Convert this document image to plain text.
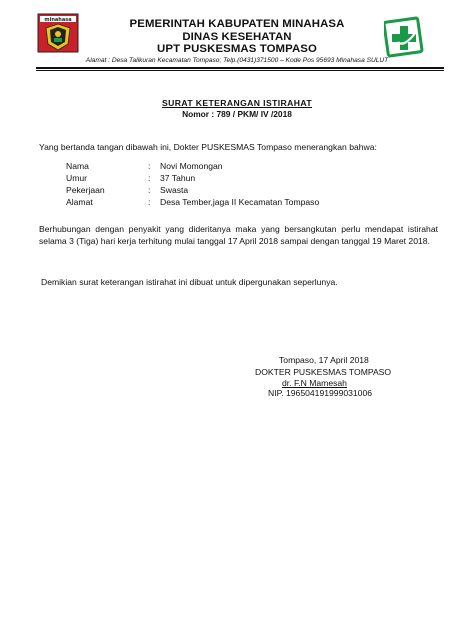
minahasa	PEMERINTAH KABUPATEN MINAHASA
DINAS KESEHATAN
UPT PUSKESMAS TOMPASO
Alamat : Desa Talikuran Kecamatan Tompaso; Telp.(0431)371500 – Kode Pos 95693 Minahasa SULUT
SURAT KETERANGAN ISTIRAHAT
Nomor : 789 / PKM/ IV /2018
Yang bertanda tangan dibawah ini, Dokter PUSKESMAS Tompaso menerangkan bahwa:
Nama	: Novi Momongan
Umur	: 37 Tahun
Pekerjaan	: Swasta
Alamat	: Desa Tember,jaga II Kecamatan Tompaso
Berhubungan dengan penyakit yang dideritanya maka yang bersangkutan perlu mendapat istirahat selama 3 (Tiga) hari kerja terhitung mulai tanggal 17 April 2018 sampai dengan tanggal 19 Maret 2018.
Demikian surat keterangan istirahat ini dibuat untuk dipergunakan seperlunya.
Tompaso, 17 April 2018
DOKTER PUSKESMAS TOMPASO
dr. F.N Mamesah
NIP. 196504191999031006
